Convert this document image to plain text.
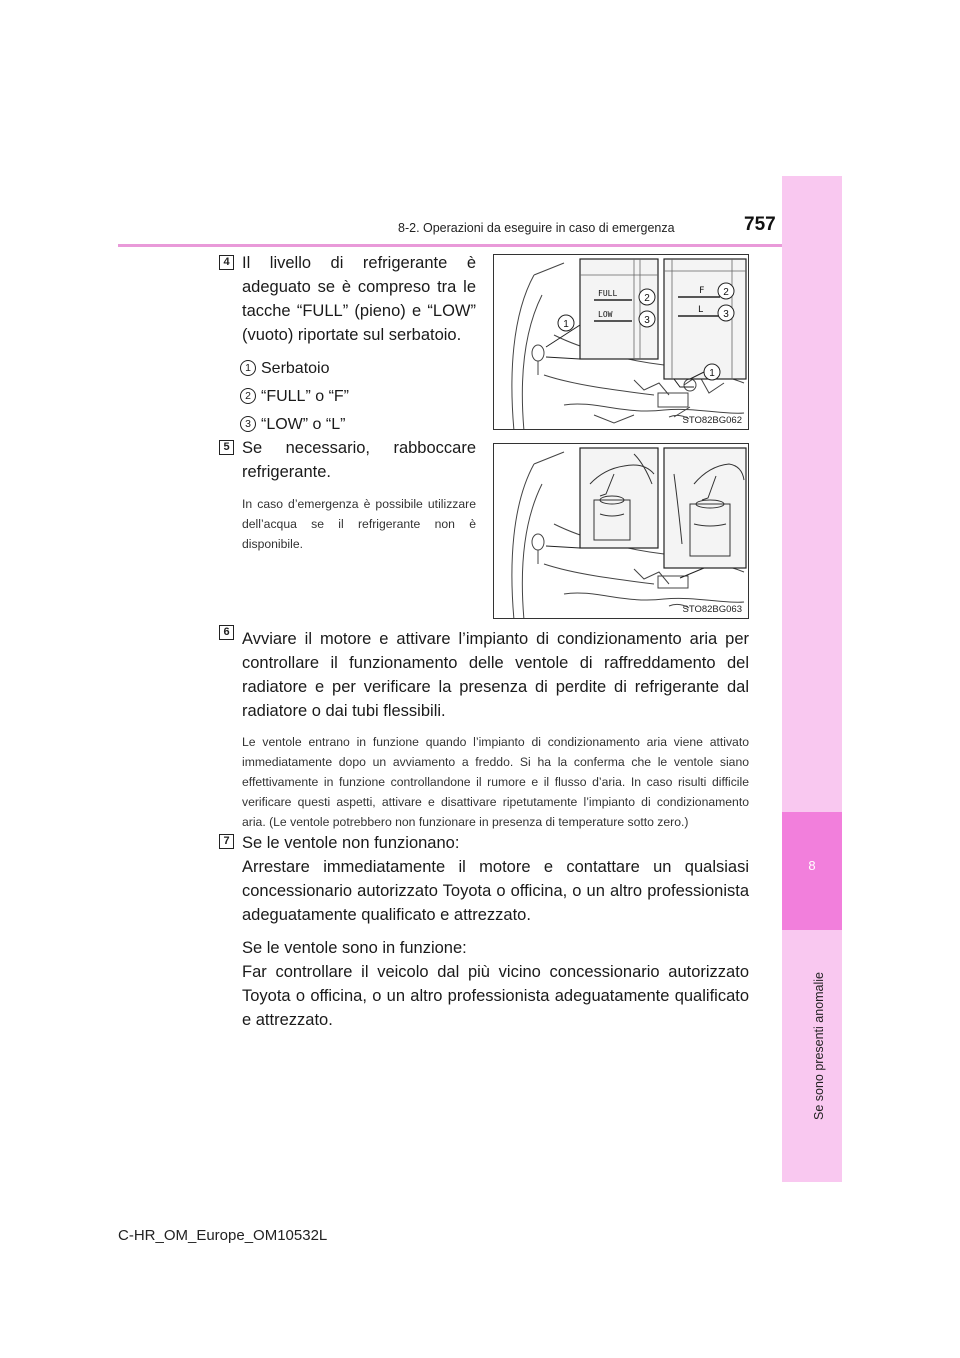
8
Se sono presenti anomalie
8-2. Operazioni da eseguire in caso di emergenza	757
4 Il livello di refrigerante è adeguato se è compreso tra le tacche “FULL” (pieno) e “LOW” (vuoto) riportate sul serbatoio.

1 Serbatoio
2 “FULL” o “F”
3 “LOW” o “L”
FULL
LOW
F
L
1
2
3
2
3
1
STO82BG062
5 Se necessario, rabboccare refrigerante.

In caso d’emergenza è possibile utilizzare dell’acqua se il refrigerante non è disponibile.

STO82BG063
6 Avviare il motore e attivare l’impianto di condizionamento aria per controllare il funzionamento delle ventole di raffreddamento del radiatore e per verificare la presenza di perdite di refrigerante dal radiatore o dai tubi flessibili.

Le ventole entrano in funzione quando l’impianto di condizionamento aria viene attivato immediatamente dopo un avviamento a freddo. Si ha la conferma che le ventole siano effettivamente in funzione controllandone il rumore e il flusso d’aria. In caso risulti difficile verificare questi aspetti, attivare e disattivare ripetutamente l’impianto di condizionamento aria. (Le ventole potrebbero non funzionare in presenza di temperature sotto zero.)

7 Se le ventole non funzionano:

Arrestare immediatamente il motore e contattare un qualsiasi concessionario autorizzato Toyota o officina, o un altro professionista adeguatamente qualificato e attrezzato.

Se le ventole sono in funzione:

Far controllare il veicolo dal più vicino concessionario autorizzato Toyota o officina, o un altro professionista adeguatamente qualificato e attrezzato.

C-HR_OM_Europe_OM10532L
